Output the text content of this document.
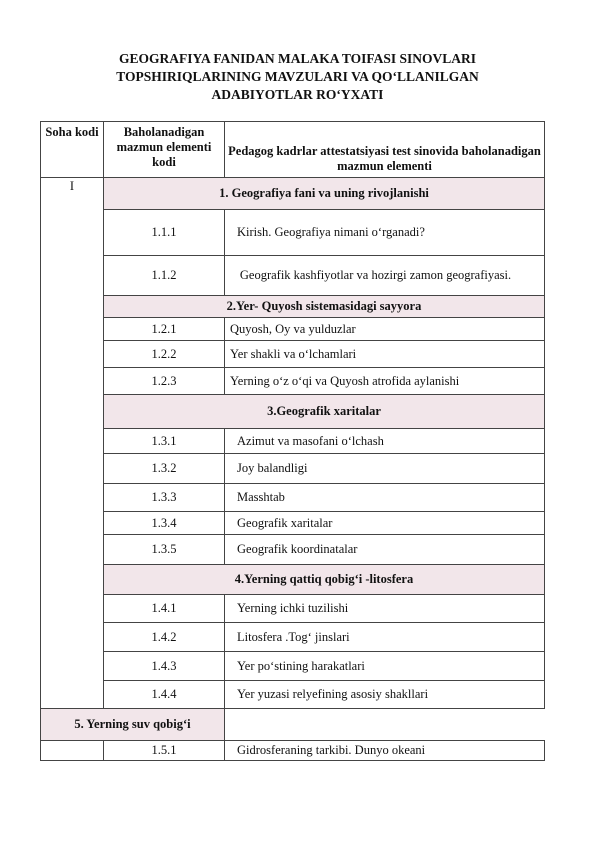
GEOGRAFIYA FANIDAN MALAKA TOIFASI SINOVLARI
TOPSHIRIQLARINING MAVZULARI VA QO‘LLANILGAN
ADABIYOTLAR RO‘YXATI
Soha kodi	Baholanadigan mazmun elementi kodi	Pedagog kadrlar attestatsiyasi test sinovida baholanadigan mazmun elementi
I	1. Geografiya fani va uning rivojlanishi	
	1.1.1	Kirish. Geografiya nimani o‘rganadi?
	1.1.2	Geografik kashfiyotlar va hozirgi zamon geografiyasi.
	2.Yer- Quyosh sistemasidagi sayyora	
	1.2.1	Quyosh, Oy va yulduzlar
	1.2.2	Yer shakli va o‘lchamlari
	1.2.3	Yerning o‘z o‘qi va Quyosh atrofida aylanishi
	3.Geografik xaritalar	
	1.3.1	Azimut va masofani o‘lchash
	1.3.2	Joy balandligi
	1.3.3	Masshtab
	1.3.4	Geografik xaritalar
	1.3.5	Geografik koordinatalar
	4.Yerning qattiq qobig‘i -litosfera	
	1.4.1	Yerning ichki tuzilishi
	1.4.2	Litosfera .Tog‘ jinslari
	1.4.3	Yer po‘stining harakatlari
	1.4.4	Yer yuzasi relyefining asosiy shakllari
5. Yerning suv qobig‘i		
	1.5.1	Gidrosferaning tarkibi. Dunyo okeani
